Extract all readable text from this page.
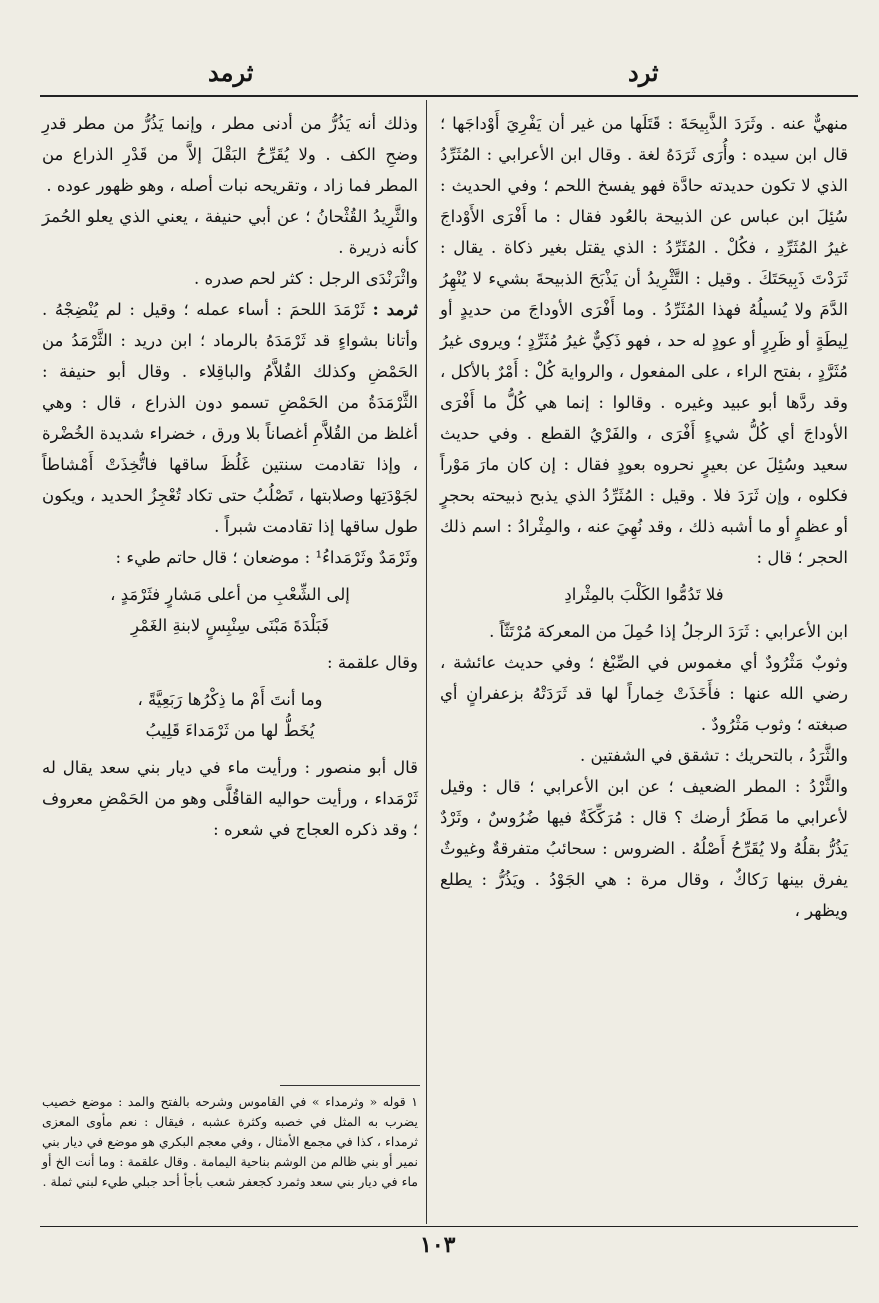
ثرد
ثرمد

منهيٌّ عنه . وثَرَدَ الذَّبِيحَةَ : قَتَلَها من غير أن يَفْرِيَ أَوْداجَها ؛ قال ابن سيده : وأُرَى ثَرَدَهُ لغة . وقال ابن الأعرابي : المُثَرِّدُ الذي لا تكون حديدته حادَّة فهو يفسخ اللحم ؛ وفي الحديث : سُئِلَ ابن عباس عن الذبيحة بالعُود فقال : ما أَفْرَى الأَوْداجَ غيرُ المُثَرِّدِ ، فكُلْ . المُثَرِّدُ : الذي يقتل بغير ذكاة . يقال : ثَرَدْتَ ذَبِيحَتَكَ . وقيل : التَّثْرِيدُ أن يَذْبَحَ الذبيحةَ بشيء لا يُنْهِرُ الدَّمَ ولا يُسيلُهُ فهذا المُثَرِّدُ . وما أَفْرَى الأوداجَ من حديدٍ أو لِيطَةٍ أو ظَرِرٍ أو عودٍ له حد ، فهو ذَكِيٌّ غيرُ مُثَرِّدٍ ؛ ويروى غيرُ مُثَرَّدٍ ، بفتح الراء ، على المفعول ، والرواية كُلْ : أَمْرٌ بالأكل ، وقد ردَّها أبو عبيد وغيره . وقالوا : إنما هي كُلُّ ما أَفْرَى الأوداجَ أي كُلُّ شيءٍ أَفْرَى ، والفَرْيُ القطع . وفي حديث سعيد وسُئِلَ عن بعيرٍ نحروه بعودٍ فقال : إن كان مارَ مَوْراً فكلوه ، وإن ثَرَدَ فلا . وقيل : المُثَرِّدُ الذي يذبح ذبيحته بحجرٍ أو عظمٍ أو ما أشبه ذلك ، وقد نُهِيَ عنه ، والمِثْرادُ : اسم ذلك الحجر ؛ قال :

فلا تَدُمُّوا الكَلْبَ بالمِثْرادِ

ابن الأعرابي : ثَرَدَ الرجلُ إذا حُمِلَ من المعركة مُرْتَثّاً .

وثوبٌ مَثْرُودٌ أي مغموس في الصِّبْغ ؛ وفي حديث عائشة ، رضي الله عنها : فأَخَذَتْ خِماراً لها قد ثَرَدَتْهُ بزعفرانٍ أي صبغته ؛ وثوب مَثْرُودٌ .

والثَّرَدُ ، بالتحريك : تشقق في الشفتين .

والثَّرْدُ : المطر الضعيف ؛ عن ابن الأعرابي ؛ قال : وقيل لأعرابي ما مَطَرُ أرضك ؟ قال : مُرَكِّكَةٌ فيها ضُرُوسٌ ، وثَرْدٌ يَذُرُّ بقلُهُ ولا يُقَرِّحُ أَصْلُهُ . الضروس : سحائبُ متفرقةٌ وغيوثٌ يفرق بينها رَكاكٌ ، وقال مرة : هي الجَوْدُ . ويَذُرُّ : يطلع ويظهر ،

وذلك أنه يَذُرُّ من أدنى مطر ، وإنما يَذُرُّ من مطر قدرِ وضحِ الكف . ولا يُقَرِّحُ البَقْلَ إلاَّ من قَدْرِ الذراع من المطر فما زاد ، وتقريحه نبات أصله ، وهو ظهور عوده .

والثَّرِيدُ القُثْحانُ ؛ عن أبي حنيفة ، يعني الذي يعلو الحُمرَ كأنه ذريرة .

واثْرَنْدَى الرجل : كثر لحم صدره .

ثرمد : ثَرْمَدَ اللحمَ : أساء عمله ؛ وقيل : لم يُنْضِجْهُ . وأتانا بشواءٍ قد ثَرْمَدَهُ بالرماد ؛ ابن دريد : الثَّرْمَدُ من الحَمْضِ وكذلك القُلاَّمُ والباقِلاء . وقال أبو حنيفة : الثَّرْمَدَةُ من الحَمْضِ تسمو دون الذراع ، قال : وهي أغلظ من القُلاَّمِ أغصاناً بلا ورق ، خضراء شديدة الخُضْرة ، وإذا تقادمت سنتين غَلُظَ ساقها فاتُّخِذَتْ أَمْشاطاً لجَوْدَتِها وصلابتها ، تَصْلُبُ حتى تكاد تُعْجِزُ الحديد ، ويكون طول ساقها إذا تقادمت شبراً .

وثَرْمَدٌ وثَرْمَداءُ¹ : موضعان ؛ قال حاتم طيء :

إلى الشِّعْبِ من أعلى مَشارٍ فثَرْمَدٍ ،
فَبَلْدَةَ مَبْنَى سِنْبِسٍ لابنةِ الغَمْرِ

وقال علقمة :

وما أنتَ أَمْ ما ذِكْرُها رَبَعِيَّةً ،
يُخَطُّ لها من ثَرْمَداءَ قَلِيبُ

قال أبو منصور : ورأيت ماء في ديار بني سعد يقال له ثَرْمَداء ، ورأيت حواليه القاقُلَّى وهو من الحَمْضِ معروف ؛ وقد ذكره العجاج في شعره :

١ قوله « وثرمداء » في القاموس وشرحه بالفتح والمد : موضع خصيب يضرب به المثل في خصبه وكثرة عشبه ، فيقال : نعم مأوى المعزى ثرمداء ، كذا في مجمع الأمثال ، وفي معجم البكري هو موضع في ديار بني نمير أو بني ظالم من الوشم بناحية اليمامة . وقال علقمة : وما أنت الخ أو ماء في ديار بني سعد وثمرد كجعفر شعب بأجأ أحد جبلي طيء لبني ثملة .

١٠٣
